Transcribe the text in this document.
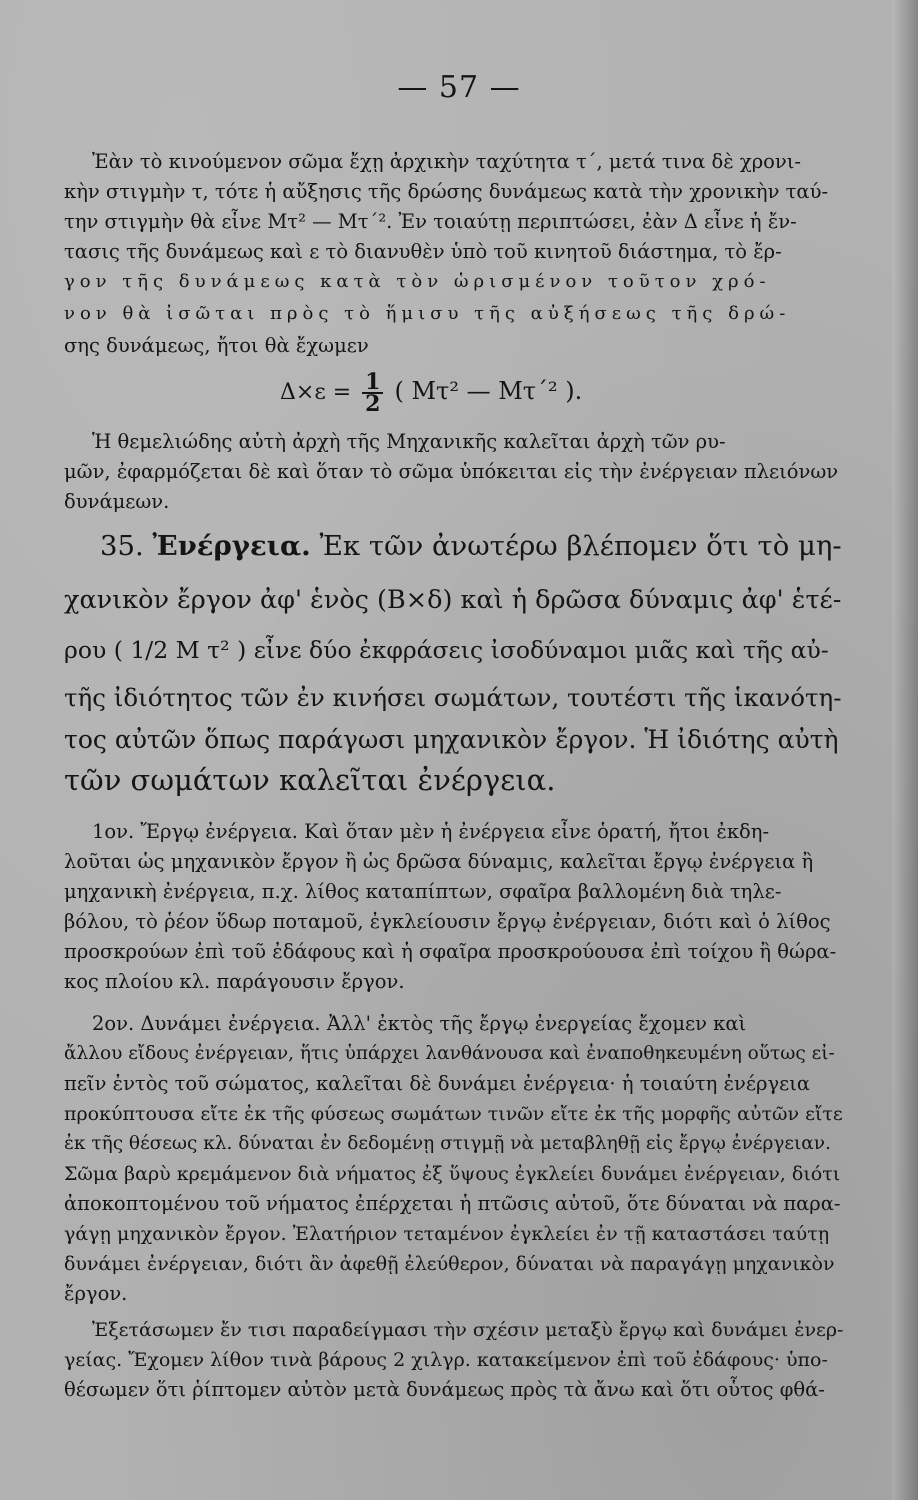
— 57 —
Ἐὰν τὸ κινούμενον σῶμα ἔχῃ ἀρχικὴν ταχύτητα τ΄, μετά τινα δὲ χρονι-
κὴν στιγμὴν τ, τότε ἡ αὔξησις τῆς δρώσης δυνάμεως κατὰ τὴν χρονικὴν ταύ-
την στιγμὴν θὰ εἶνε Μτ² — Μτ΄². Ἐν τοιαύτῃ περιπτώσει, ἐὰν Δ εἶνε ἡ ἔν-
τασις τῆς δυνάμεως καὶ ε τὸ διανυθὲν ὑπὸ τοῦ κινητοῦ διάστημα, τὸ ἔρ-
γον τῆς δυνάμεως κατὰ τὸν ὡρισμένον τοῦτον χρό-
νον θὰ ἰσῶται πρὸς τὸ ἥμισυ τῆς αὐξήσεως τῆς δρώ-
σης δυνάμεως, ἤτοι θὰ ἔχωμεν
$\Delta\times\varepsilon = \frac{1}{2}$ ( Μτ² — Μτ΄² ).
Ἡ θεμελιώδης αὐτὴ ἀρχὴ τῆς Μηχανικῆς καλεῖται ἀρχὴ τῶν ρυ-
μῶν, ἐφαρμόζεται δὲ καὶ ὅταν τὸ σῶμα ὑπόκειται εἰς τὴν ἐνέργειαν πλειόνων
δυνάμεων.
35. Ἐνέργεια. Ἐκ τῶν ἀνωτέρω βλέπομεν ὅτι τὸ μη-
χανικὸν ἔργον ἀφ' ἑνὸς (Β×δ) καὶ ἡ δρῶσα δύναμις ἀφ' ἑτέ-
ρου ( 1/2 Μ τ² ) εἶνε δύο ἐκφράσεις ἰσοδύναμοι μιᾶς καὶ τῆς αὐ-
τῆς ἰδιότητος τῶν ἐν κινήσει σωμάτων, τουτέστι τῆς ἱκανότη-
τος αὐτῶν ὅπως παράγωσι μηχανικὸν ἔργον. Ἡ ἰδιότης αὐτὴ
τῶν σωμάτων καλεῖται ἐνέργεια.
1ον. Ἔργῳ ἐνέργεια. Καὶ ὅταν μὲν ἡ ἐνέργεια εἶνε ὁρατή, ἤτοι ἐκδη-
λοῦται ὡς μηχανικὸν ἔργον ἢ ὡς δρῶσα δύναμις, καλεῖται ἔργῳ ἐνέργεια ἢ
μηχανικὴ ἐνέργεια, π.χ. λίθος καταπίπτων, σφαῖρα βαλλομένη διὰ τηλε-
βόλου, τὸ ῥέον ὕδωρ ποταμοῦ, ἐγκλείουσιν ἔργῳ ἐνέργειαν, διότι καὶ ὁ λίθος
προσκρούων ἐπὶ τοῦ ἐδάφους καὶ ἡ σφαῖρα προσκρούουσα ἐπὶ τοίχου ἢ θώρα-
κος πλοίου κλ. παράγουσιν ἔργον.
2ον. Δυνάμει ἐνέργεια. Ἀλλ' ἐκτὸς τῆς ἔργῳ ἐνεργείας ἔχομεν καὶ
ἄλλου εἴδους ἐνέργειαν, ἥτις ὑπάρχει λανθάνουσα καὶ ἐναποθηκευμένη οὕτως εἰ-
πεῖν ἐντὸς τοῦ σώματος, καλεῖται δὲ δυνάμει ἐνέργεια· ἡ τοιαύτη ἐνέργεια
προκύπτουσα εἴτε ἐκ τῆς φύσεως σωμάτων τινῶν εἴτε ἐκ τῆς μορφῆς αὐτῶν εἴτε
ἐκ τῆς θέσεως κλ. δύναται ἐν δεδομένῃ στιγμῇ νὰ μεταβληθῇ εἰς ἔργῳ ἐνέργειαν.
Σῶμα βαρὺ κρεμάμενον διὰ νήματος ἐξ ὕψους ἐγκλείει δυνάμει ἐνέργειαν, διότι
ἀποκοπτομένου τοῦ νήματος ἐπέρχεται ἡ πτῶσις αὐτοῦ, ὅτε δύναται νὰ παρα-
γάγῃ μηχανικὸν ἔργον. Ἐλατήριον τεταμένον ἐγκλείει ἐν τῇ καταστάσει ταύτῃ
δυνάμει ἐνέργειαν, διότι ἂν ἀφεθῇ ἐλεύθερον, δύναται νὰ παραγάγῃ μηχανικὸν
ἔργον.
Ἐξετάσωμεν ἔν τισι παραδείγμασι τὴν σχέσιν μεταξὺ ἔργῳ καὶ δυνάμει ἐνερ-
γείας. Ἔχομεν λίθον τινὰ βάρους 2 χιλγρ. κατακείμενον ἐπὶ τοῦ ἐδάφους· ὑπο-
θέσωμεν ὅτι ῥίπτομεν αὐτὸν μετὰ δυνάμεως πρὸς τὰ ἄνω καὶ ὅτι οὗτος φθά-
